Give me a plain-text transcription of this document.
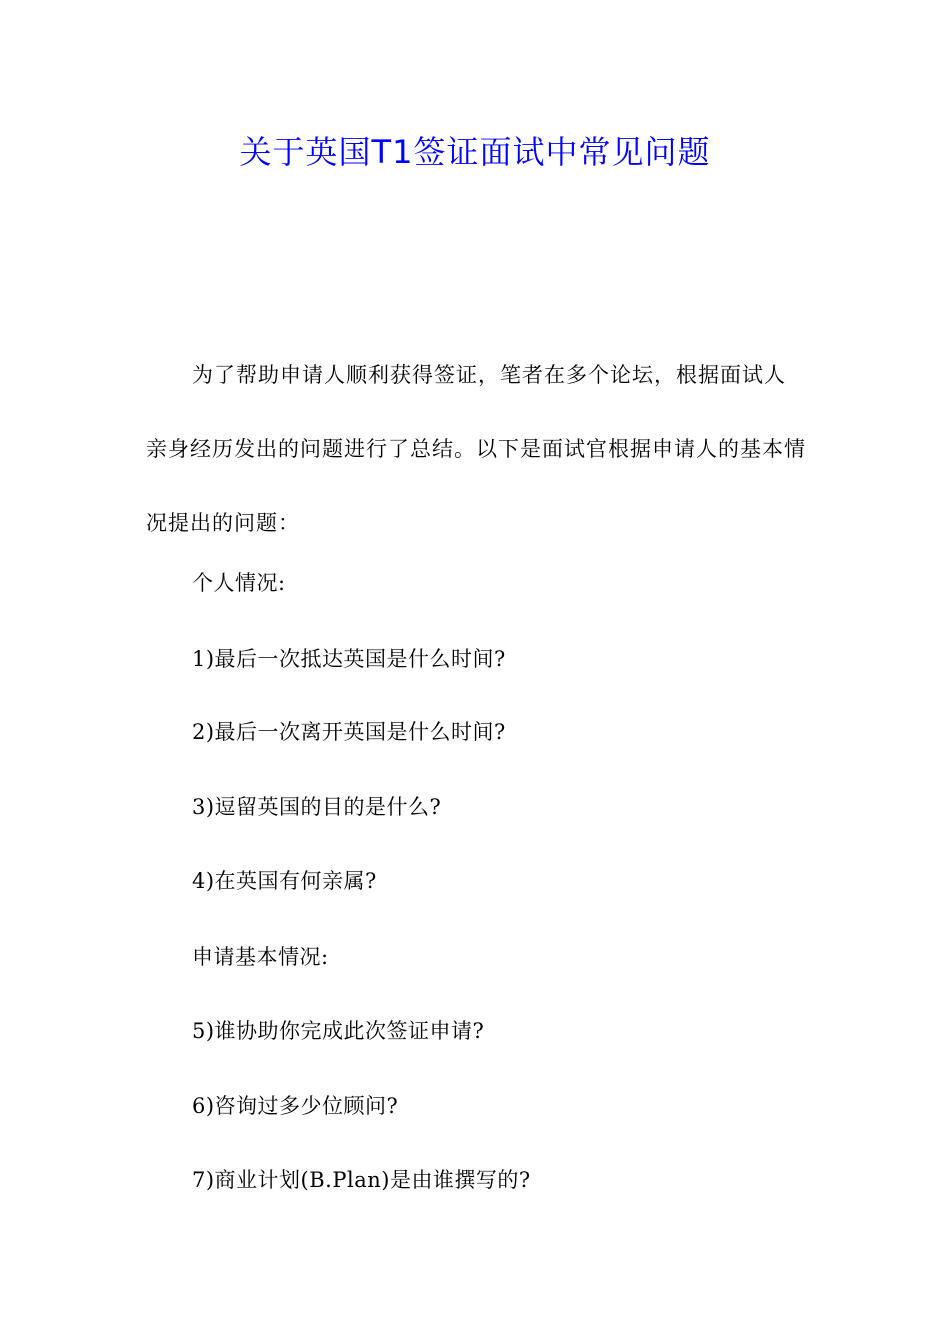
关于英国T1签证面试中常见问题

为了帮助申请人顺利获得签证，笔者在多个论坛，根据面试人亲身经历发出的问题进行了总结。以下是面试官根据申请人的基本情况提出的问题：

个人情况:

1)最后一次抵达英国是什么时间?

2)最后一次离开英国是什么时间?

3)逗留英国的目的是什么?

4)在英国有何亲属?

申请基本情况:

5)谁协助你完成此次签证申请?

6)咨询过多少位顾问?

7)商业计划(B.Plan)是由谁撰写的?
